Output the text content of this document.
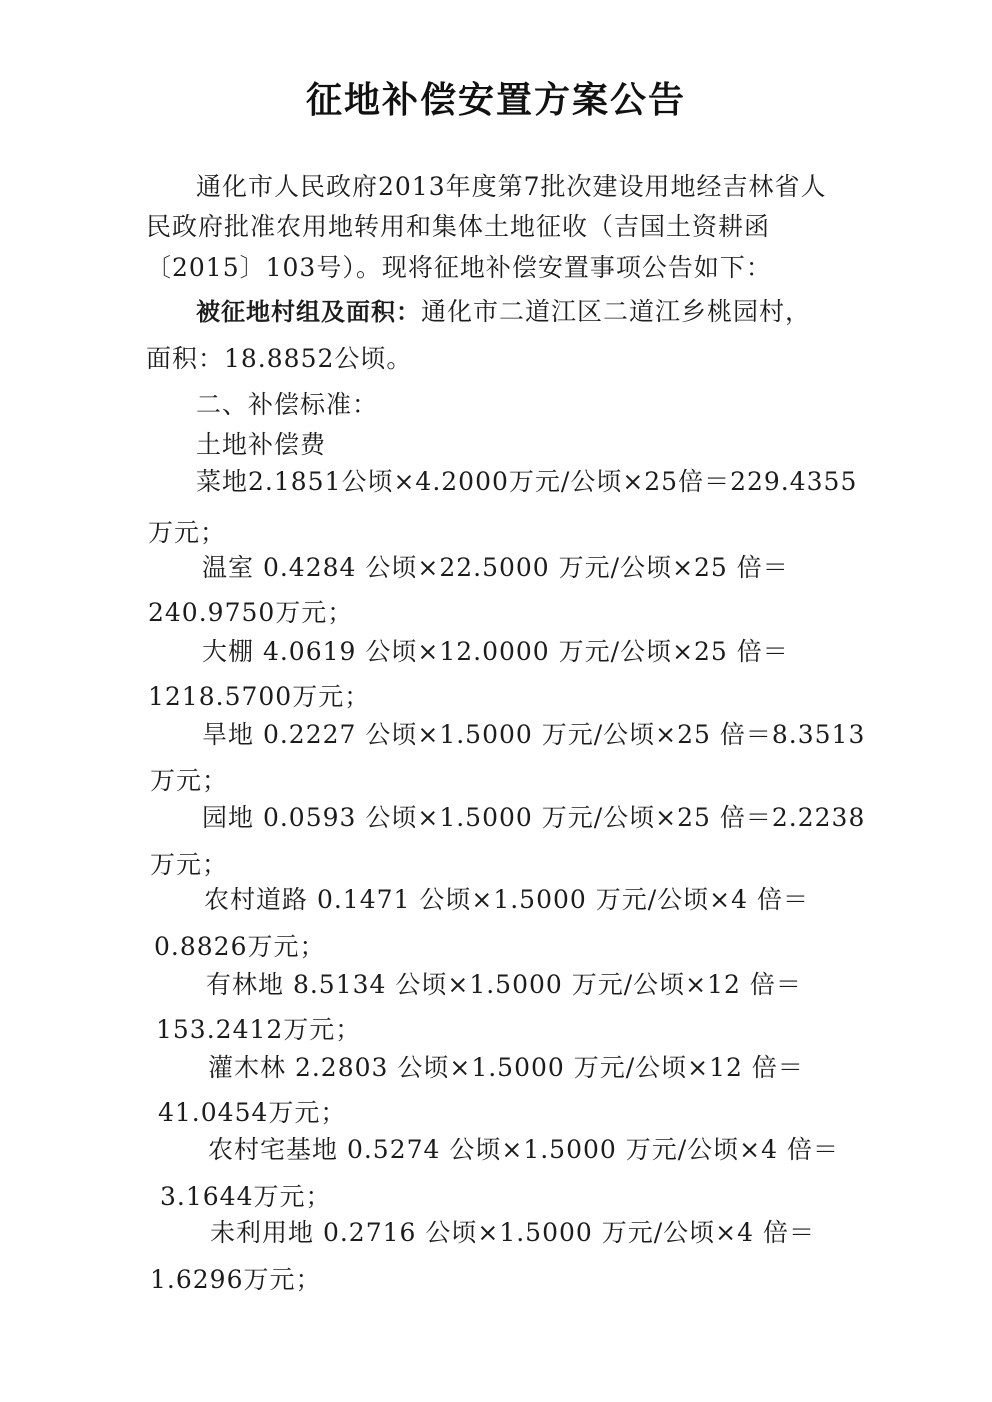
征地补偿安置方案公告
通化市人民政府2013年度第7批次建设用地经吉林省人
民政府批准农用地转用和集体土地征收（吉国土资耕函
〔2015〕103号）。现将征地补偿安置事项公告如下：
被征地村组及面积：通化市二道江区二道江乡桃园村，
面积：18.8852公顷。
二、补偿标准：
土地补偿费
菜地2.1851公顷×4.2000万元/公顷×25倍＝229.4355
万元；
温室 0.4284 公顷×22.5000 万元/公顷×25 倍＝
240.9750万元；
大棚 4.0619 公顷×12.0000 万元/公顷×25 倍＝
1218.5700万元；
旱地 0.2227 公顷×1.5000 万元/公顷×25 倍＝8.3513
万元；
园地 0.0593 公顷×1.5000 万元/公顷×25 倍＝2.2238
万元；
农村道路 0.1471 公顷×1.5000 万元/公顷×4 倍＝
0.8826万元；
有林地 8.5134 公顷×1.5000 万元/公顷×12 倍＝
153.2412万元；
灌木林 2.2803 公顷×1.5000 万元/公顷×12 倍＝
41.0454万元；
农村宅基地 0.5274 公顷×1.5000 万元/公顷×4 倍＝
3.1644万元；
未利用地 0.2716 公顷×1.5000 万元/公顷×4 倍＝
1.6296万元；
